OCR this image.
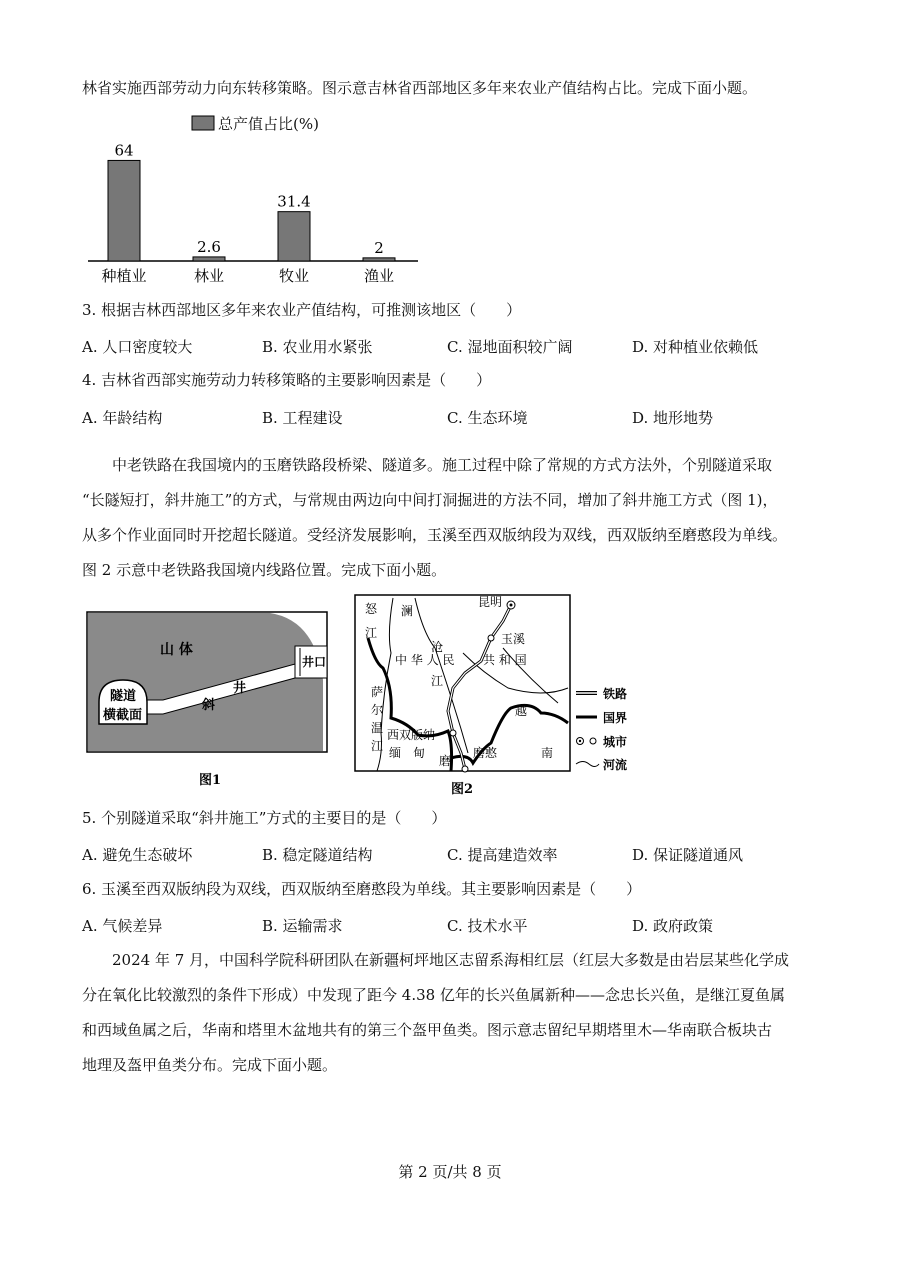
林省实施西部劳动力向东转移策略。图示意吉林省西部地区多年来农业产值结构占比。完成下面小题。
总产值占比(%)
64
种植业
2.6
林业
31.4
牧业
2
渔业
3. 根据吉林西部地区多年来农业产值结构，可推测该地区（　　）
A. 人口密度较大	B. 农业用水紧张	C. 湿地面积较广阔	D. 对种植业依赖低
4. 吉林省西部实施劳动力转移策略的主要影响因素是（　　）
A. 年龄结构	B. 工程建设	C. 生态环境	D. 地形地势
中老铁路在我国境内的玉磨铁路段桥梁、隧道多。施工过程中除了常规的方式方法外，个别隧道采取
“长隧短打，斜井施工”的方式，与常规由两边向中间打洞掘进的方法不同，增加了斜井施工方式（图 1)，
从多个作业面同时开挖超长隧道。受经济发展影响，玉溪至西双版纳段为双线，西双版纳至磨憨段为单线。
图 2 示意中老铁路我国境内线路位置。完成下面小题。
山 体
隧道
横截面
斜
井
井口
图1
怒
江
澜
沧
江
萨
尔
温
江
昆明
玉溪
中 华 人 民 共 和 国
西双版纳
缅　甸
磨
磨憨
越
南
铁路
国界
城市
河流
图2
5. 个别隧道采取“斜井施工”方式的主要目的是（　　）
A. 避免生态破坏	B. 稳定隧道结构	C. 提高建造效率	D. 保证隧道通风
6. 玉溪至西双版纳段为双线，西双版纳至磨憨段为单线。其主要影响因素是（　　）
A. 气候差异	B. 运输需求	C. 技术水平	D. 政府政策
2024 年 7 月，中国科学院科研团队在新疆柯坪地区志留系海相红层（红层大多数是由岩层某些化学成
分在氧化比较激烈的条件下形成）中发现了距今 4.38 亿年的长兴鱼属新种——念忠长兴鱼，是继江夏鱼属
和西域鱼属之后，华南和塔里木盆地共有的第三个盔甲鱼类。图示意志留纪早期塔里木—华南联合板块古
地理及盔甲鱼类分布。完成下面小题。
第 2 页/共 8 页
